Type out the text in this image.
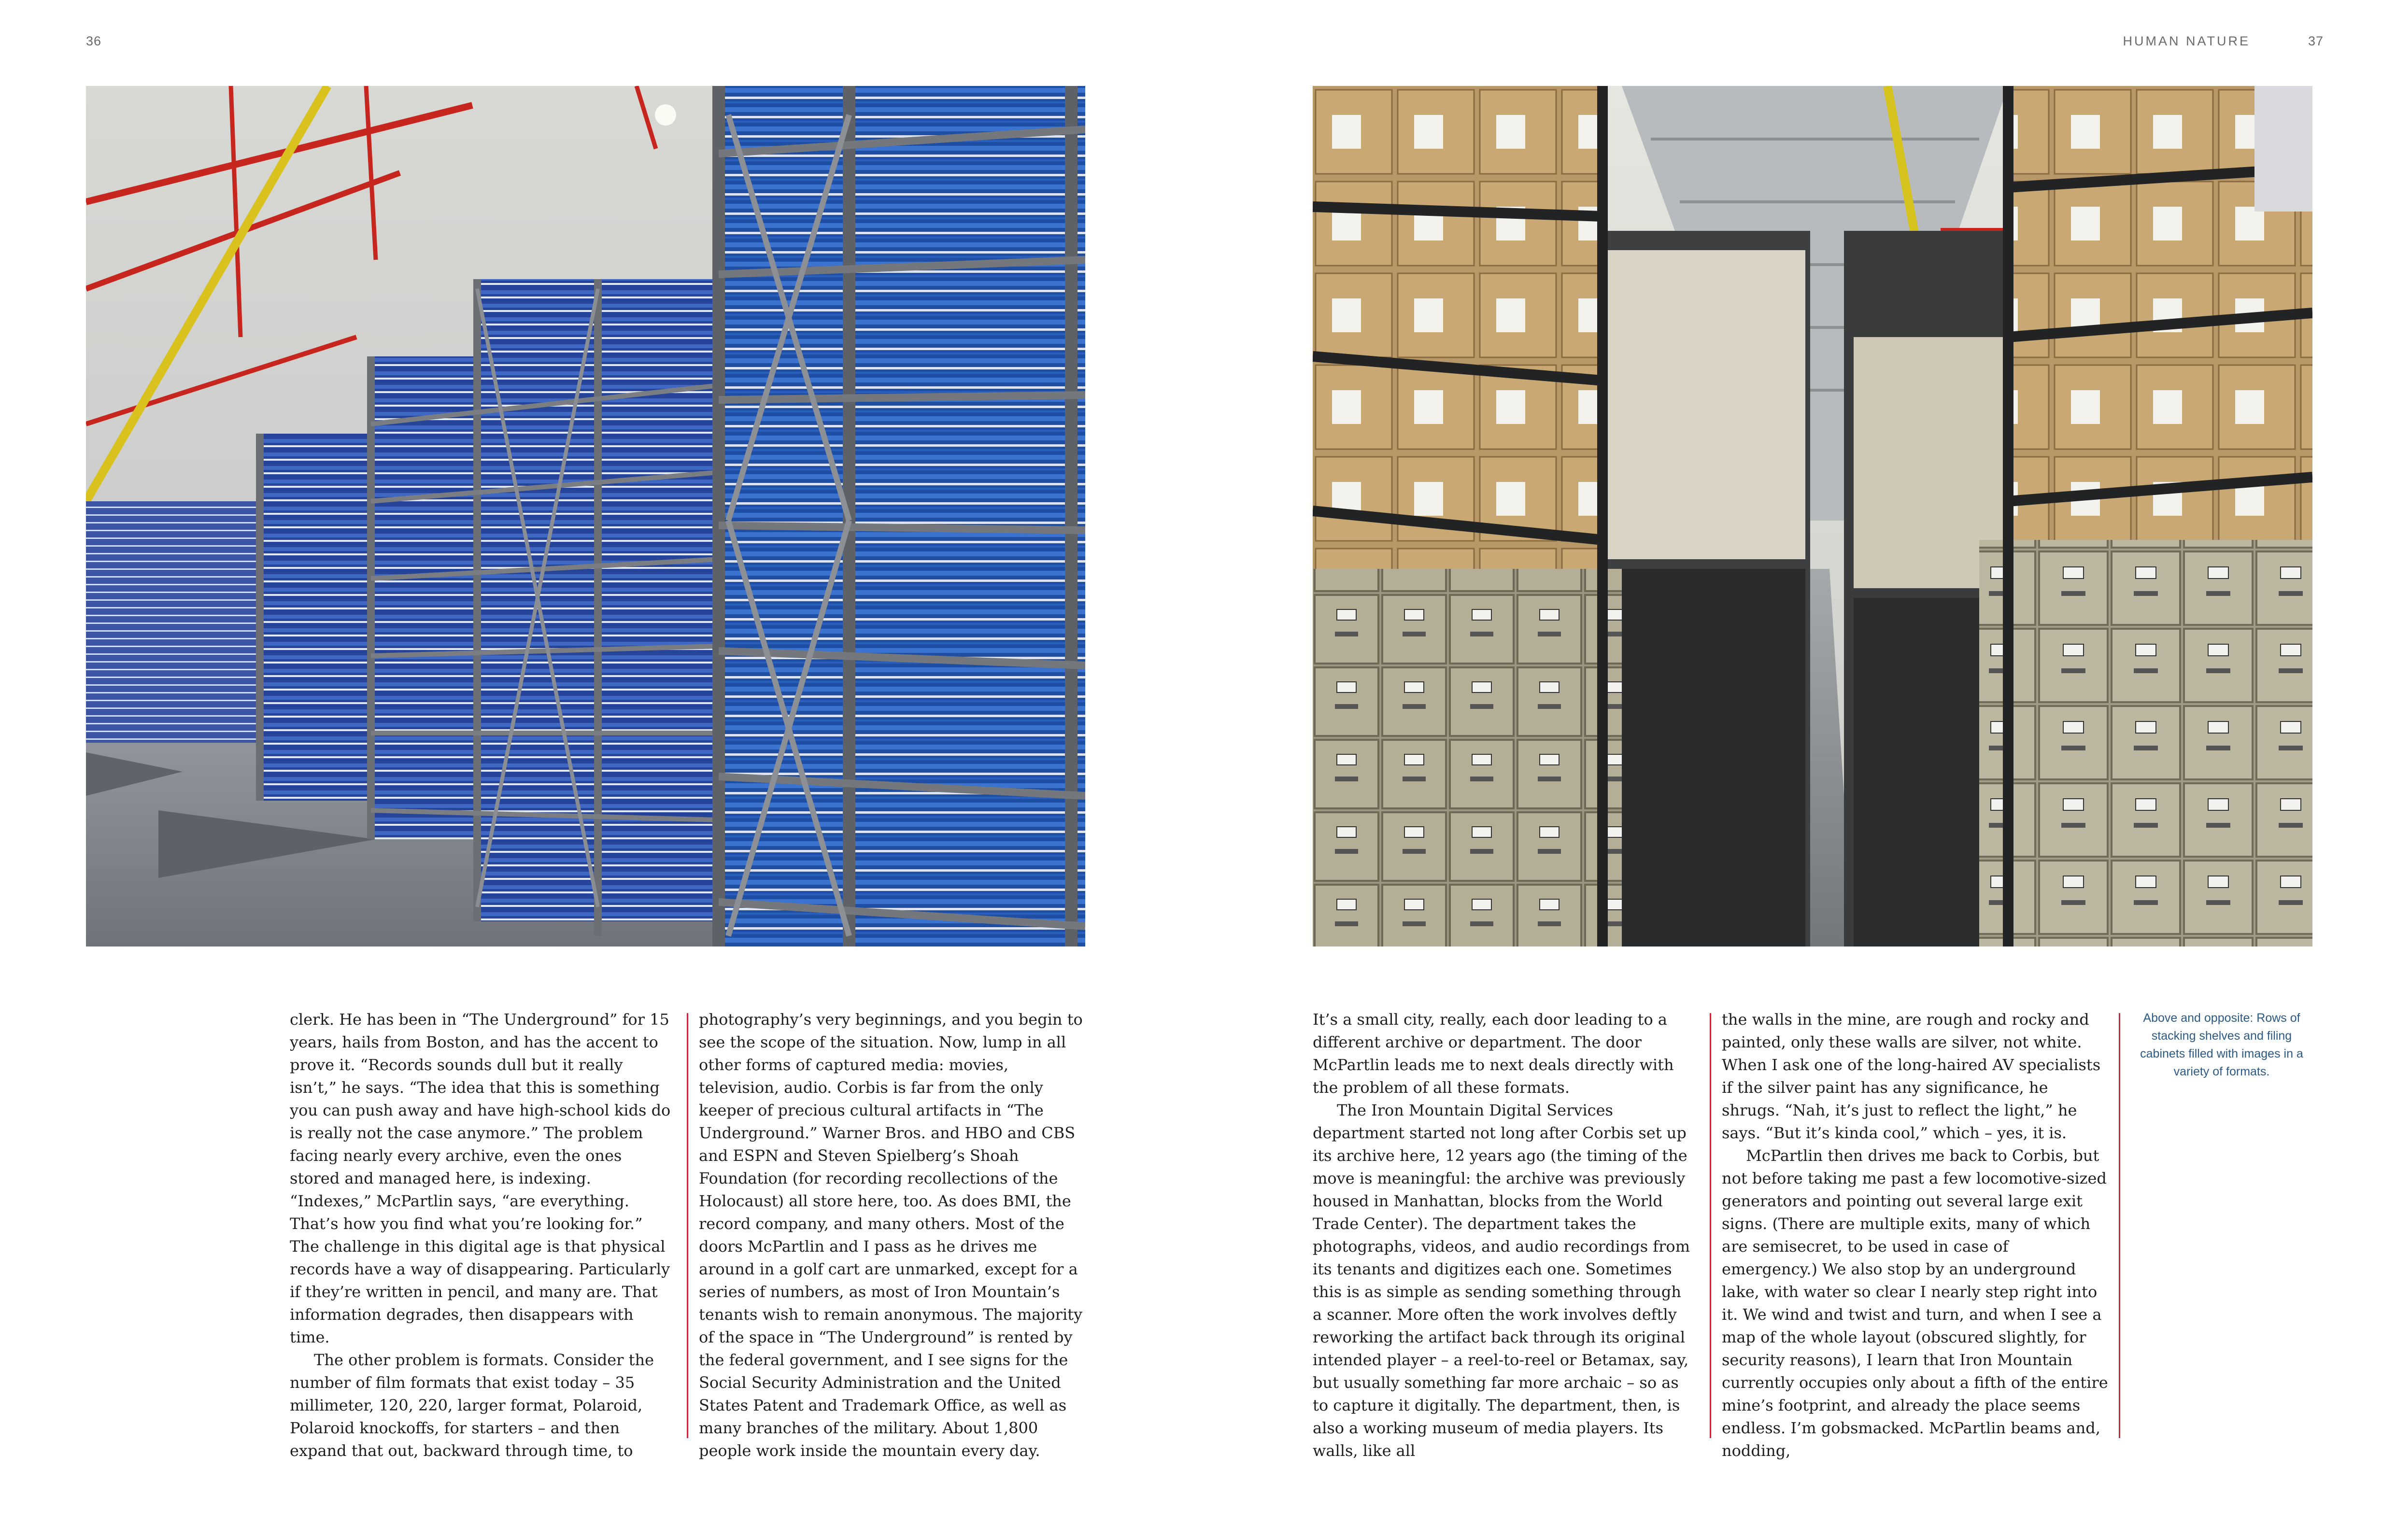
36	HUMAN NATURE	37

clerk. He has been in “The Underground” for 15 years, hails from Boston, and has the accent to prove it. “Records sounds dull but it really isn’t,” he says. “The idea that this is something you can push away and have high-school kids do is really not the case anymore.” The problem facing nearly every archive, even the ones stored and managed here, is indexing. “Indexes,” McPartlin says, “are everything. That’s how you find what you’re looking for.” The challenge in this digital age is that physical records have a way of disappearing. Particularly if they’re written in pencil, and many are. That information degrades, then disappears with time.

The other problem is formats. Consider the number of film formats that exist today – 35 millimeter, 120, 220, larger format, Polaroid, Polaroid knockoffs, for starters – and then expand that out, backward through time, to

photography’s very beginnings, and you begin to see the scope of the situation. Now, lump in all other forms of captured media: movies, television, audio. Corbis is far from the only keeper of precious cultural artifacts in “The Underground.” Warner Bros. and HBO and CBS and ESPN and Steven Spielberg’s Shoah Foundation (for recording recollections of the Holocaust) all store here, too. As does BMI, the record company, and many others. Most of the doors McPartlin and I pass as he drives me around in a golf cart are unmarked, except for a series of numbers, as most of Iron Mountain’s tenants wish to remain anonymous. The majority of the space in “The Underground” is rented by the federal government, and I see signs for the Social Security Administration and the United States Patent and Trademark Office, as well as many branches of the military. About 1,800 people work inside the mountain every day.

It’s a small city, really, each door leading to a different archive or department. The door McPartlin leads me to next deals directly with the problem of all these formats.

The Iron Mountain Digital Services department started not long after Corbis set up its archive here, 12 years ago (the timing of the move is meaningful: the archive was previously housed in Manhattan, blocks from the World Trade Center). The department takes the photographs, videos, and audio recordings from its tenants and digitizes each one. Sometimes this is as simple as sending something through a scanner. More often the work involves deftly reworking the artifact back through its original intended player – a reel-to-reel or Betamax, say, but usually something far more archaic – so as to capture it digitally. The department, then, is also a working museum of media players. Its walls, like all

the walls in the mine, are rough and rocky and painted, only these walls are silver, not white. When I ask one of the long-haired AV specialists if the silver paint has any significance, he shrugs. “Nah, it’s just to reflect the light,” he says. “But it’s kinda cool,” which – yes, it is.

McPartlin then drives me back to Corbis, but not before taking me past a few locomotive-sized generators and pointing out several large exit signs. (There are multiple exits, many of which are semisecret, to be used in case of emergency.) We also stop by an underground lake, with water so clear I nearly step right into it. We wind and twist and turn, and when I see a map of the whole layout (obscured slightly, for security reasons), I learn that Iron Mountain currently occupies only about a fifth of the entire mine’s footprint, and already the place seems endless. I’m gobsmacked. McPartlin beams and, nodding,

Above and opposite: Rows of stacking shelves and filing cabinets filled with images in a variety of formats.
